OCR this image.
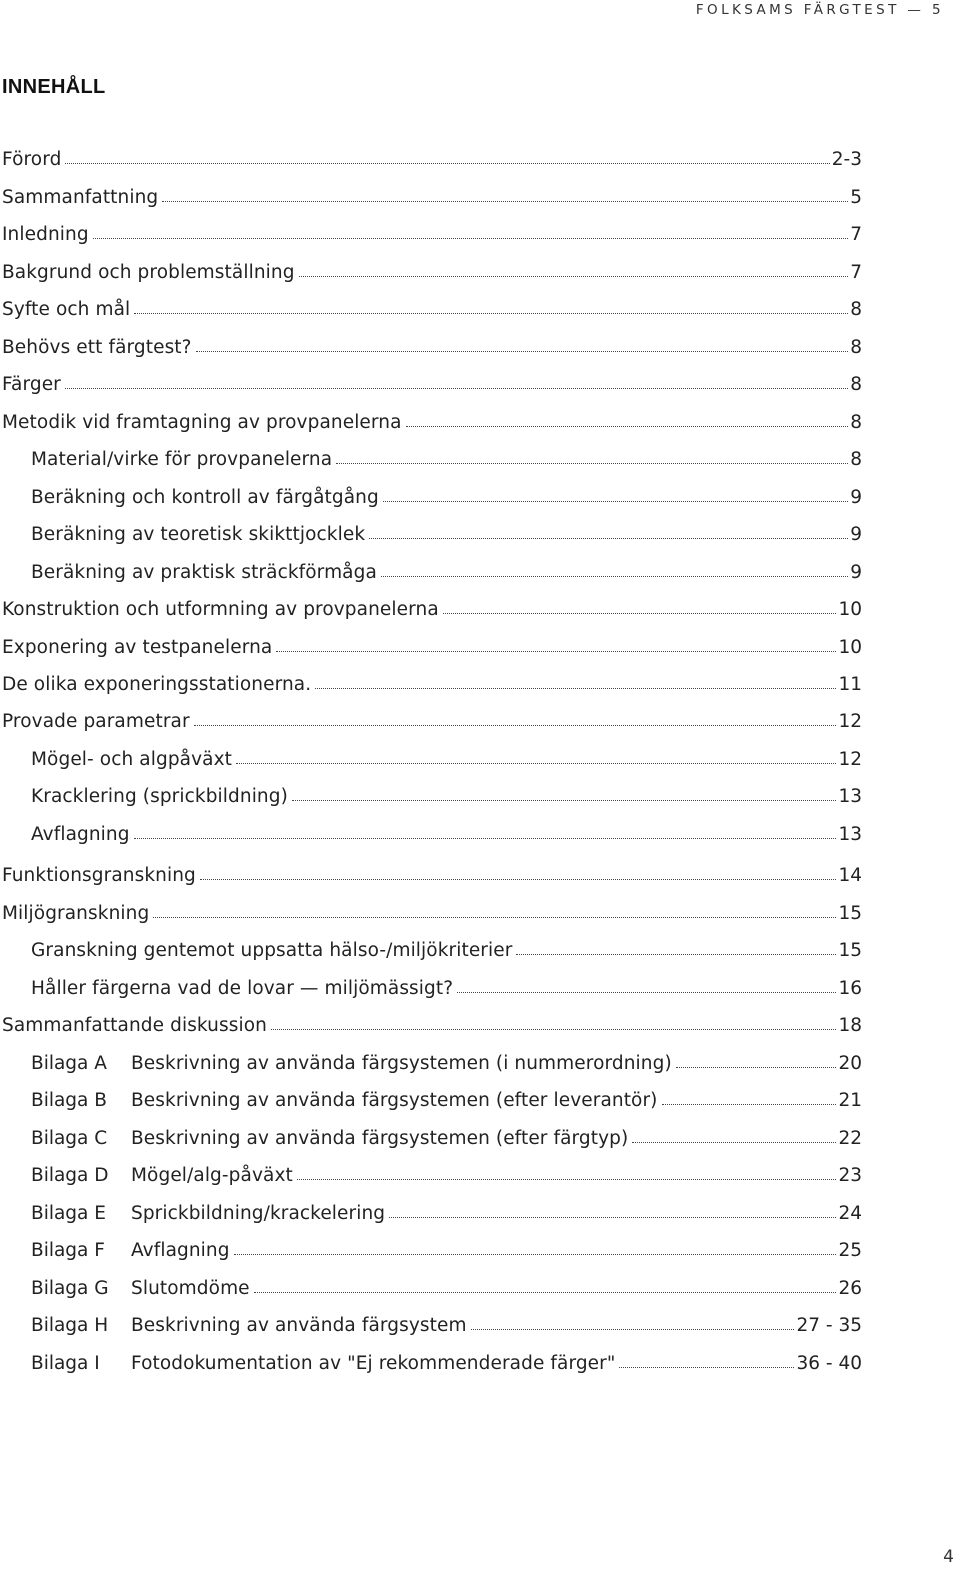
FOLKSAMS FÄRGTEST — 5
INNEHÅLL
Förord	2-3
Sammanfattning	5
Inledning	7
Bakgrund och problemställning	7
Syfte och mål	8
Behövs ett färgtest?	8
Färger	8
Metodik vid framtagning av provpanelerna	8
Material/virke för provpanelerna	8
Beräkning och kontroll av färgåtgång	9
Beräkning av teoretisk skikttjocklek	9
Beräkning av praktisk sträckförmåga	9
Konstruktion och utformning av provpanelerna	10
Exponering av testpanelerna	10
De olika exponeringsstationerna.	11
Provade parametrar	12
Mögel- och algpåväxt	12
Kracklering (sprickbildning)	13
Avflagning	13
Funktionsgranskning	14
Miljögranskning	15
Granskning gentemot uppsatta hälso-/miljökriterier	15
Håller färgerna vad de lovar — miljömässigt?	16
Sammanfattande diskussion	18
Bilaga A	Beskrivning av använda färgsystemen (i nummerordning)	20
Bilaga B	Beskrivning av använda färgsystemen (efter leverantör)	21
Bilaga C	Beskrivning av använda färgsystemen (efter färgtyp)	22
Bilaga D	Mögel/alg-påväxt	23
Bilaga E	Sprickbildning/krackelering	24
Bilaga F	Avflagning	25
Bilaga G	Slutomdöme	26
Bilaga H	Beskrivning av använda färgsystem	27 - 35
Bilaga I	Fotodokumentation av "Ej rekommenderade färger"	36 - 40
4
